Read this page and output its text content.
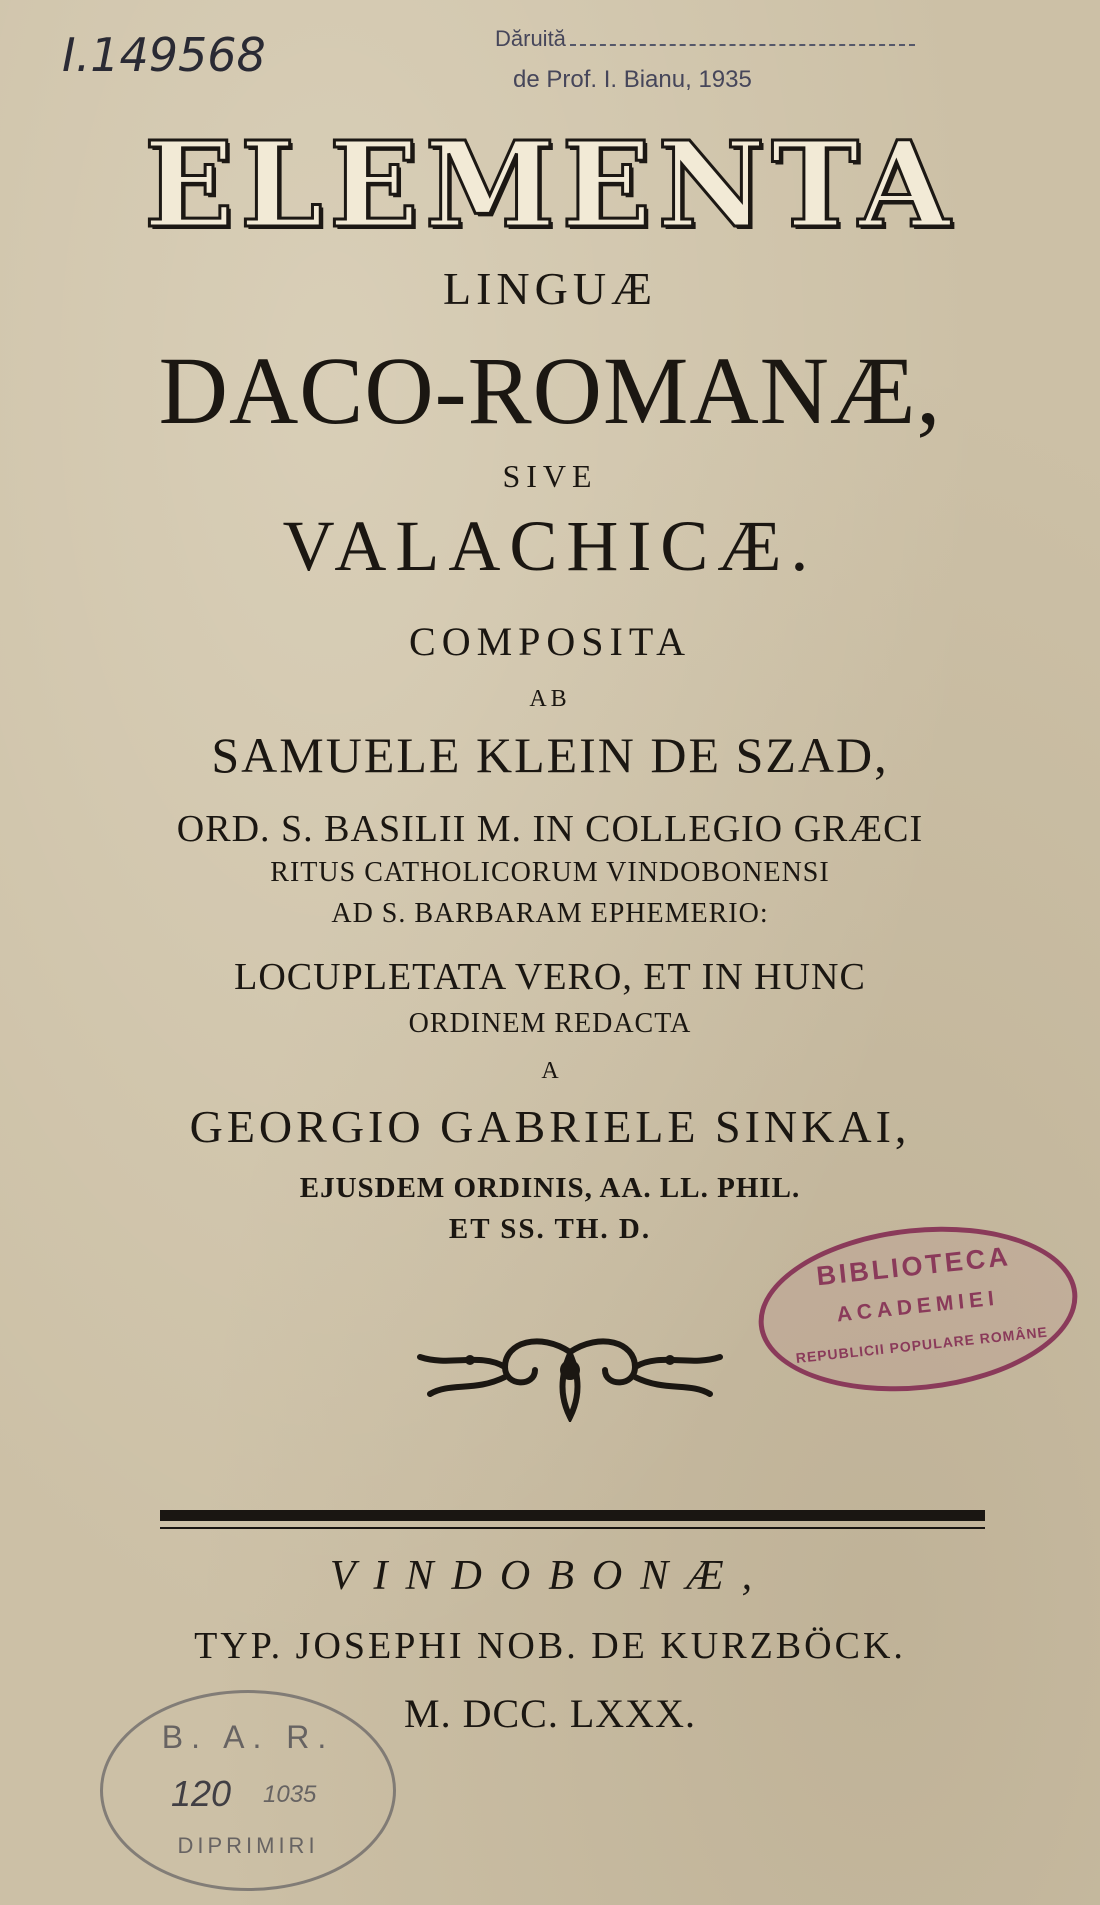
I.149568	Dăruită
de Prof. I. Bianu, 1935
ELEMENTA
LINGUÆ
DACO-ROMANÆ,
SIVE
VALACHICÆ.
COMPOSITA
AB
SAMUELE KLEIN DE SZAD,
ORD. S. BASILII M. IN COLLEGIO GRÆCI
RITUS CATHOLICORUM VINDOBONENSI
AD S. BARBARAM EPHEMERIO:
LOCUPLETATA VERO, ET IN HUNC
ORDINEM REDACTA
A
GEORGIO GABRIELE SINKAI,
EJUSDEM ORDINIS, AA. LL. PHIL.
ET SS. TH. D.
BIBLIOTECA
ACADEMIEI
REPUBLICII POPULARE ROMÂNE
VINDOBONÆ,
TYP. JOSEPHI NOB. DE KURZBÖCK.
M. DCC. LXXX.
B. A. R.
120 1035
DIPRIMIRI
